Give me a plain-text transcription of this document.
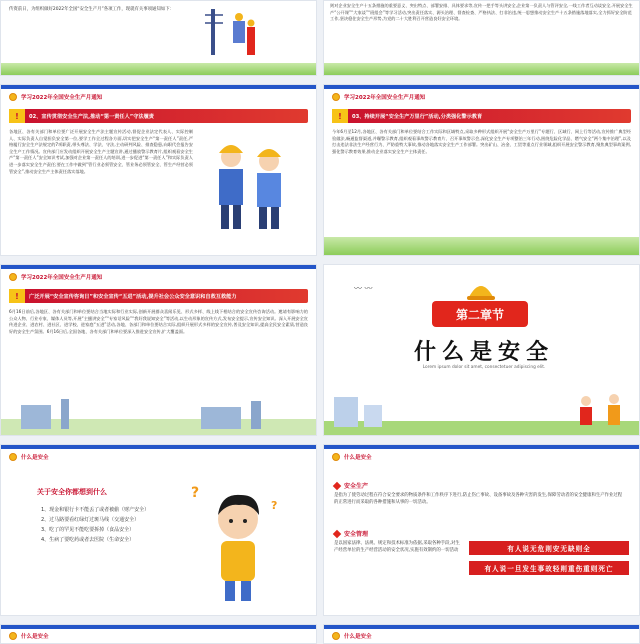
传资前日，为组织做好2022年全国“安全生产月”各项工作，现就有关事项通知如下：
则对企业安全生产十五条措施的重要意义、突出特点、部署安排、具体要求等,宣传一把手等头讲安全,企业第一负责人与管评安全,一线工作者互动谈安全,开展安全生产“公开课”“大家谈”“班组会”等学习活动,突出责任落实、源头治理、督查检查、严格执法、打非治违,统一思想推动安全生产十五条措施落地落实,全力抓好安全防范工作,坚决稳住安全生产形势,为党的二十大胜利召开营造良好安全环境。
学习2022年全国安全生产月通知
!	02、宣传贯彻安全生产法,推动“第一责任人”守法履责
各地区、各有关部门和单位要广泛开展安全生产法主题宣传活动,督促企业法定代表人、实际控制人、实际负责人自觉担负安全第一位,要学工作全过程各方面,切实把安全生产“第一责任人”责任,严格履行安全生产法规定的7项职责,带头尊法、学法、守法,主动研判风险、排查隐患,向职代会报告安全生产工作情况。宣传部门应发动组织开展安全生产主题宣讲,通过播放警示教育片,组织观看安全生产“第一责任人”安全知识考试,加强对企业第一责任人的培训,进一步促进“第一责任人”和实际负责人进一步落实安全生产责任;要在工作中做到“管行业必须管安全、管业务必须管安全、管生产经营必须管安全”,推动安全生产主体责任落实落地。
学习2022年全国安全生产月通知
!	03、持续开展“安全生产万里行”活动,分类强化警示教育
今年6月至12月,各地区、各有关部门和单位要结合工作实际和区域特点,采取多种形式组织开展“安全生产万里行”专题行、区域行、网上行等活动,宣传推广典型经验做法,畅通监督渠道,并曝警示教育,组织观看事故警示教育片、召开事故警示会,深化安全生产专项整治三年行动,围绕危险化学品、燃气安全“两个集中治理”,以及打击违法非法生产经营行为、严防重特大事故,推动各地落实安全生产工作部署。突出矿山、冶金、工贸等重点行业领域,组织开展安全警示教育,聚焦典型事故案例,强化警示教育效果,推动企业落实安全生产主体责任。
学习2022年全国安全生产月通知
!	广泛开展“安全宣传咨询日”和安全宣传“五进”活动,提升社会公众安全意识和自救互救能力
6月16日前后,各地区、各有关部门和单位要结合当地实际和行业实际,创新开展群众喜闻乐见、形式多样、线上线下相结合的安全宣传咨询活动。邀请有影响力的公众人物、行业专家、媒体人员等,开展“主播讲安全”“专家话风险”“我好我说知安全”等活动,以生动形象的宣传方式,发布安全提示,宣传安全知识。深入开展安全宣传进企业、进农村、进社区、进学校、进家庭“五进”活动,各地、各部门和单位要结合实际,组织开展形式多样的安全宣传,普及安全知识,提高全民安全素质,营造良好的安全生产氛围。6月16日后,全国各地、各有关部门和单位要深入推进安全宣传,扩大覆盖面。
〰 〰
第二章节
什么是安全
Lorem ipsum dolor sit amet, consectetuer adipiscing elit.
什么是安全
关于安全你都想到什么
1、现金和银行卡不能丢了或者被偷（财产安全）
2、过马路要看红绿灯过斑马线（交通安全）
3、吃了的罕见不能吃要拆掉（食品安全）
4、生病了要吃药或者去医院（生命安全）
?
?
什么是安全
安全生产
是指为了使劳动过程在符合安全要求的物质条件和工作秩序下进行,防止伤亡事故、设备事故及各种灾害的发生,保障劳动者的安全健康和生产作业过程的正常进行而采取的各种措施和从事的一切活动。
安全管理
是以国家法律、法规、规定和技术标准为依据,采取各种手段,对生产经营单位的生产经营活动的安全状况,实施有效制约的一切活动	有人说无危则安无缺则全
有人说一旦发生事故轻则重伤重则死亡
什么是安全	什么是安全
